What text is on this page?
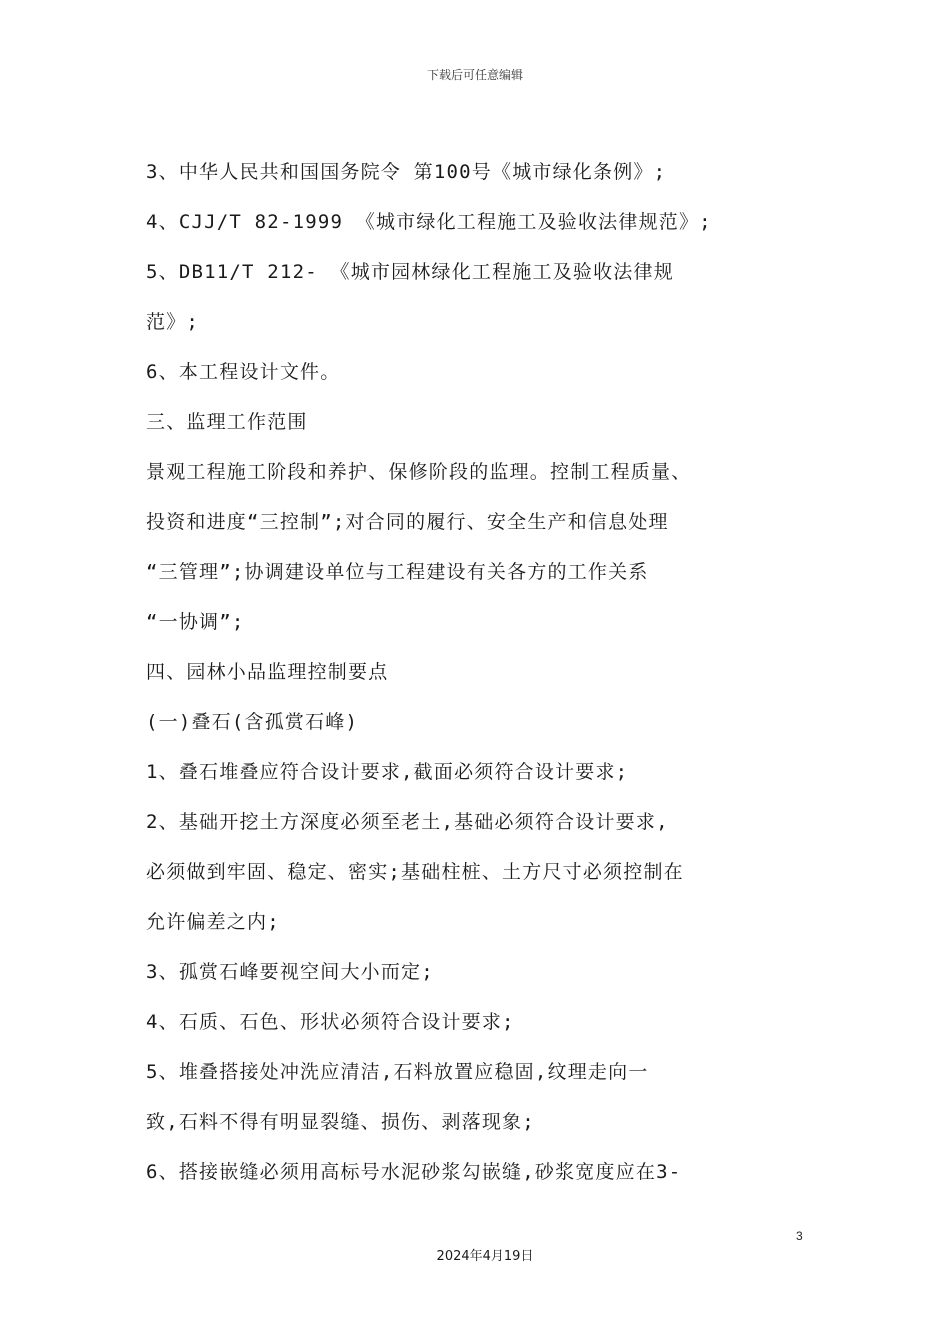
下载后可任意编辑
3、中华人民共和国国务院令 第100号《城市绿化条例》;
4、CJJ/T 82-1999 《城市绿化工程施工及验收法律规范》;
5、DB11/T 212- 《城市园林绿化工程施工及验收法律规
范》;
6、本工程设计文件。
三、监理工作范围
景观工程施工阶段和养护、保修阶段的监理。控制工程质量、
投资和进度“三控制”;对合同的履行、安全生产和信息处理
“三管理”;协调建设单位与工程建设有关各方的工作关系
“一协调”;
四、园林小品监理控制要点
(一)叠石(含孤赏石峰)
1、叠石堆叠应符合设计要求,截面必须符合设计要求;
2、基础开挖土方深度必须至老土,基础必须符合设计要求,
必须做到牢固、稳定、密实;基础柱桩、土方尺寸必须控制在
允许偏差之内;
3、孤赏石峰要视空间大小而定;
4、石质、石色、形状必须符合设计要求;
5、堆叠搭接处冲洗应清洁,石料放置应稳固,纹理走向一
致,石料不得有明显裂缝、损伤、剥落现象;
6、搭接嵌缝必须用高标号水泥砂浆勾嵌缝,砂浆宽度应在3-
3
2024年4月19日
